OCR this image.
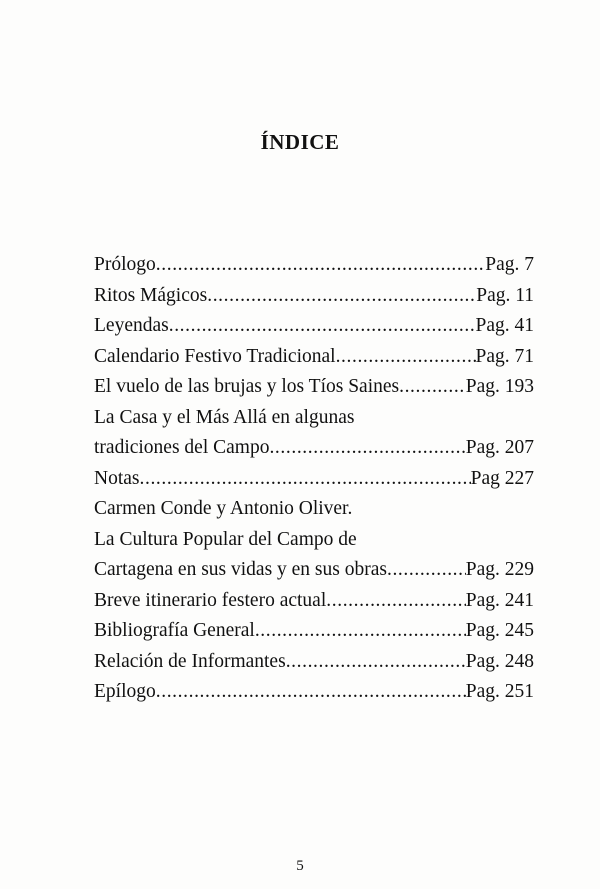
ÍNDICE
Prólogo .....	Pag. 7
Ritos Mágicos .....	Pag. 11
Leyendas .....	Pag. 41
Calendario Festivo Tradicional .....	Pag. 71
El vuelo de las brujas y los Tíos Saines .....	Pag. 193
La Casa y el Más Allá en algunas
tradiciones del Campo .....	Pag. 207
Notas .....	Pag 227
Carmen Conde y Antonio Oliver.
La Cultura Popular del Campo de
Cartagena en sus vidas y en sus obras .....	Pag. 229
Breve itinerario festero actual .....	Pag. 241
Bibliografía General .....	Pag. 245
Relación de Informantes .....	Pag. 248
Epílogo .....	Pag. 251
5
